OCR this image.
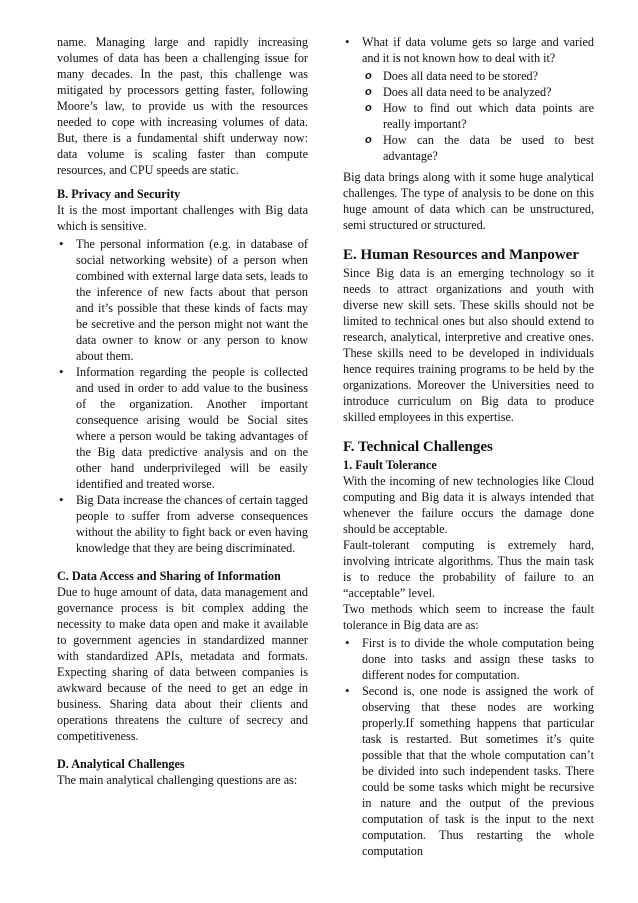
name. Managing large and rapidly increasing volumes of data has been a challenging issue for many decades. In the past, this challenge was mitigated by processors getting faster, following Moore’s law, to provide us with the resources needed to cope with increasing volumes of data. But, there is a fundamental shift underway now: data volume is scaling faster than compute resources, and CPU speeds are static.

B. Privacy and Security

It is the most important challenges with Big data which is sensitive.

• The personal information (e.g. in database of social networking website) of a person when combined with external large data sets, leads to the inference of new facts about that person and it’s possible that these kinds of facts may be secretive and the person might not want the data owner to know or any person to know about them.
• Information regarding the people is collected and used in order to add value to the business of the organization. Another important consequence arising would be Social sites where a person would be taking advantages of the Big data predictive analysis and on the other hand underprivileged will be easily identified and treated worse.
• Big Data increase the chances of certain tagged people to suffer from adverse consequences without the ability to fight back or even having knowledge that they are being discriminated.

C. Data Access and Sharing of Information

Due to huge amount of data, data management and governance process is bit complex adding the necessity to make data open and make it available to government agencies in standardized manner with standardized APIs, metadata and formats. Expecting sharing of data between companies is awkward because of the need to get an edge in business. Sharing data about their clients and operations threatens the culture of secrecy and competitiveness.

D. Analytical Challenges

The main analytical challenging questions are as:

• What if data volume gets so large and varied and it is not known how to deal with it?
o Does all data need to be stored?
o Does all data need to be analyzed?
o How to find out which data points are really important?
o How can the data be used to best advantage?

Big data brings along with it some huge analytical challenges. The type of analysis to be done on this huge amount of data which can be unstructured, semi structured or structured.

E. Human Resources and Manpower

Since Big data is an emerging technology so it needs to attract organizations and youth with diverse new skill sets. These skills should not be limited to technical ones but also should extend to research, analytical, interpretive and creative ones. These skills need to be developed in individuals hence requires training programs to be held by the organizations. Moreover the Universities need to introduce curriculum on Big data to produce skilled employees in this expertise.

F. Technical Challenges

1. Fault Tolerance

With the incoming of new technologies like Cloud computing and Big data it is always intended that whenever the failure occurs the damage done should be acceptable.

Fault-tolerant computing is extremely hard, involving intricate algorithms. Thus the main task is to reduce the probability of failure to an “acceptable” level.

Two methods which seem to increase the fault tolerance in Big data are as:

• First is to divide the whole computation being done into tasks and assign these tasks to different nodes for computation.
• Second is, one node is assigned the work of observing that these nodes are working properly.If something happens that particular task is restarted. But sometimes it’s quite possible that that the whole computation can’t be divided into such independent tasks. There could be some tasks which might be recursive in nature and the output of the previous computation of task is the input to the next computation. Thus restarting the whole computation
